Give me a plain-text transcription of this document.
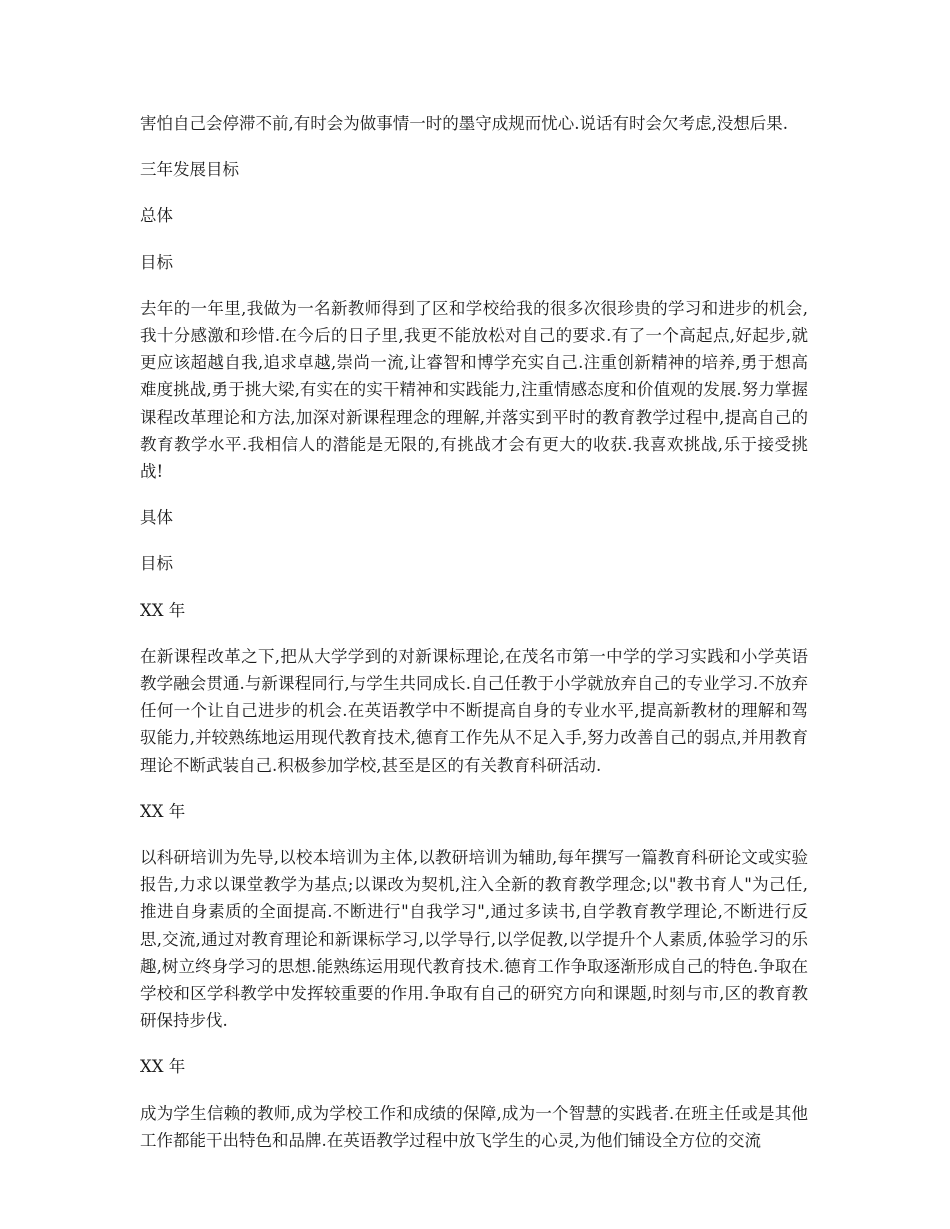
害怕自己会停滞不前,有时会为做事情一时的墨守成规而忧心.说话有时会欠考虑,没想后果.

三年发展目标

总体

目标

去年的一年里,我做为一名新教师得到了区和学校给我的很多次很珍贵的学习和进步的机会,我十分感激和珍惜.在今后的日子里,我更不能放松对自己的要求.有了一个高起点,好起步,就更应该超越自我,追求卓越,崇尚一流,让睿智和博学充实自己.注重创新精神的培养,勇于想高难度挑战,勇于挑大梁,有实在的实干精神和实践能力,注重情感态度和价值观的发展.努力掌握课程改革理论和方法,加深对新课程理念的理解,并落实到平时的教育教学过程中,提高自己的教育教学水平.我相信人的潜能是无限的,有挑战才会有更大的收获.我喜欢挑战,乐于接受挑战!

具体

目标

XX 年

在新课程改革之下,把从大学学到的对新课标理论,在茂名市第一中学的学习实践和小学英语教学融会贯通.与新课程同行,与学生共同成长.自己任教于小学就放弃自己的专业学习.不放弃任何一个让自己进步的机会.在英语教学中不断提高自身的专业水平,提高新教材的理解和驾驭能力,并较熟练地运用现代教育技术,德育工作先从不足入手,努力改善自己的弱点,并用教育理论不断武装自己.积极参加学校,甚至是区的有关教育科研活动.

XX 年

以科研培训为先导,以校本培训为主体,以教研培训为辅助,每年撰写一篇教育科研论文或实验报告,力求以课堂教学为基点;以课改为契机,注入全新的教育教学理念;以"教书育人"为己任,推进自身素质的全面提高.不断进行"自我学习",通过多读书,自学教育教学理论,不断进行反思,交流,通过对教育理论和新课标学习,以学导行,以学促教,以学提升个人素质,体验学习的乐趣,树立终身学习的思想.能熟练运用现代教育技术.德育工作争取逐渐形成自己的特色.争取在学校和区学科教学中发挥较重要的作用.争取有自己的研究方向和课题,时刻与市,区的教育教研保持步伐.

XX 年

成为学生信赖的教师,成为学校工作和成绩的保障,成为一个智慧的实践者.在班主任或是其他工作都能干出特色和品牌.在英语教学过程中放飞学生的心灵,为他们铺设全方位的交流
